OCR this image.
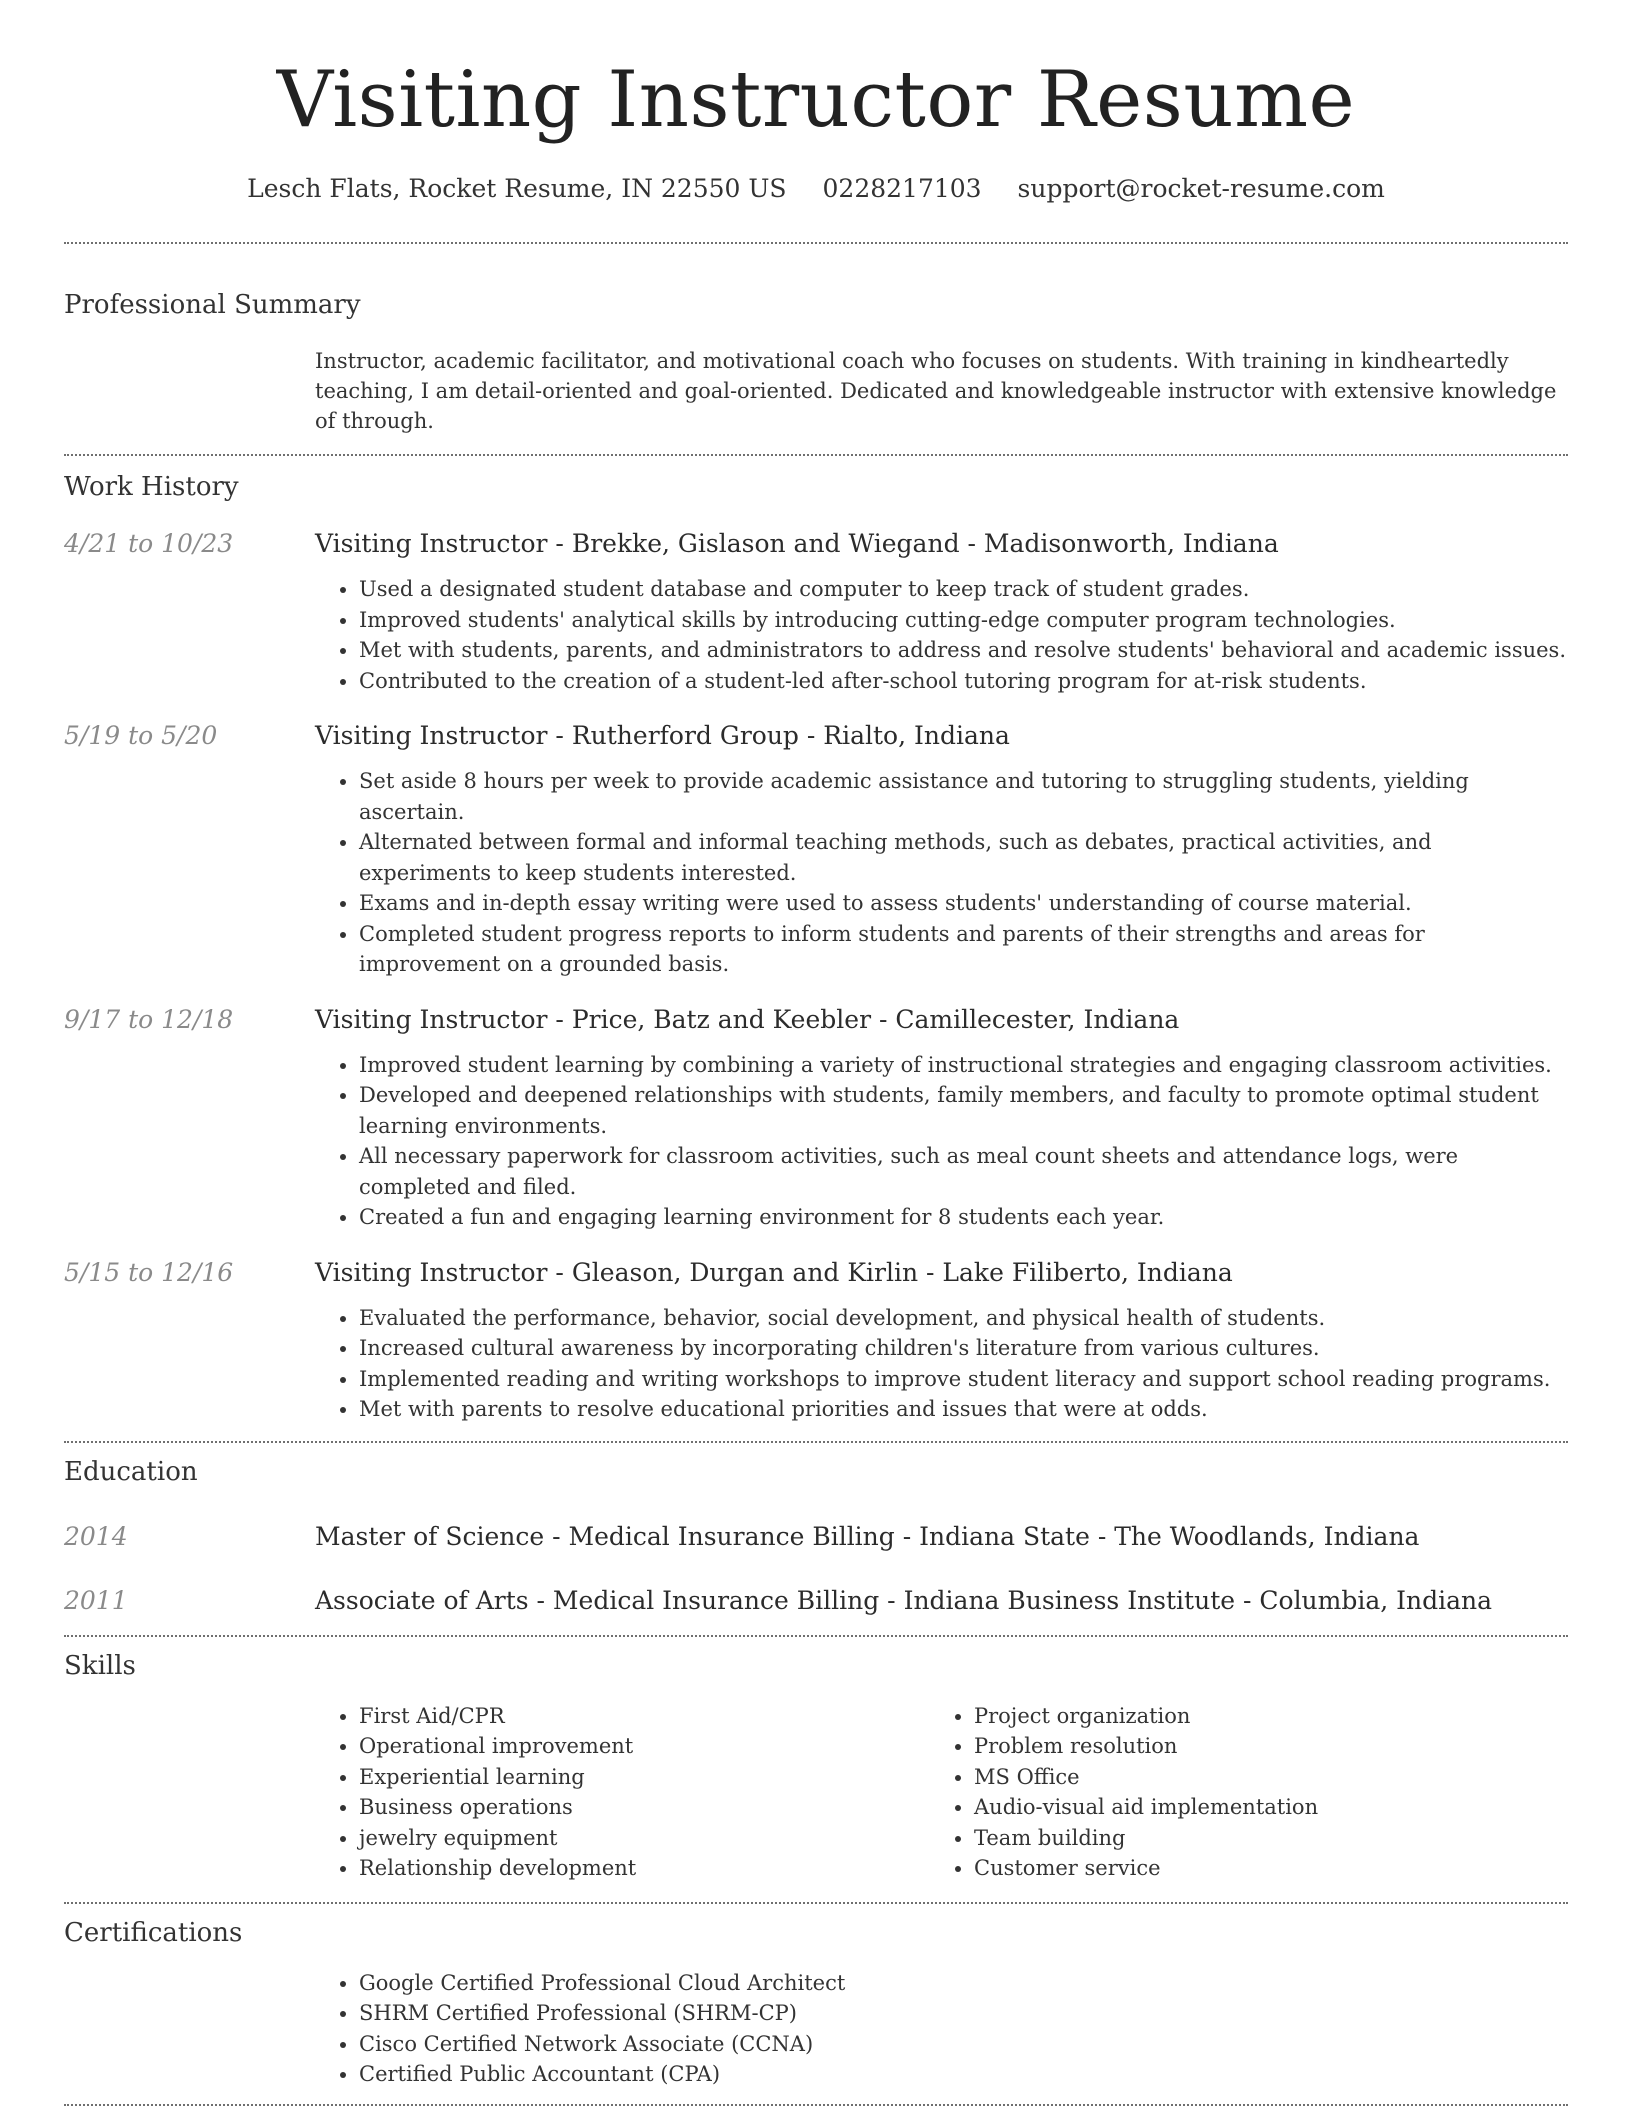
Visiting Instructor Resume
Lesch Flats, Rocket Resume, IN 22550 US 0228217103 support@rocket-resume.com
Professional Summary

Instructor, academic facilitator, and motivational coach who focuses on students. With training in kindheartedly teaching, I am detail-oriented and goal-oriented. Dedicated and knowledgeable instructor with extensive knowledge of through.

Work History
4/21 to 10/23	Visiting Instructor - Brekke, Gislason and Wiegand - Madisonworth, Indiana
• Used a designated student database and computer to keep track of student grades.
• Improved students' analytical skills by introducing cutting-edge computer program technologies.
• Met with students, parents, and administrators to address and resolve students' behavioral and academic issues.
• Contributed to the creation of a student-led after-school tutoring program for at-risk students.
5/19 to 5/20	Visiting Instructor - Rutherford Group - Rialto, Indiana
• Set aside 8 hours per week to provide academic assistance and tutoring to struggling students, yielding ascertain.
• Alternated between formal and informal teaching methods, such as debates, practical activities, and experiments to keep students interested.
• Exams and in-depth essay writing were used to assess students' understanding of course material.
• Completed student progress reports to inform students and parents of their strengths and areas for improvement on a grounded basis.
9/17 to 12/18	Visiting Instructor - Price, Batz and Keebler - Camillecester, Indiana
• Improved student learning by combining a variety of instructional strategies and engaging classroom activities.
• Developed and deepened relationships with students, family members, and faculty to promote optimal student learning environments.
• All necessary paperwork for classroom activities, such as meal count sheets and attendance logs, were completed and filed.
• Created a fun and engaging learning environment for 8 students each year.
5/15 to 12/16	Visiting Instructor - Gleason, Durgan and Kirlin - Lake Filiberto, Indiana
• Evaluated the performance, behavior, social development, and physical health of students.
• Increased cultural awareness by incorporating children's literature from various cultures.
• Implemented reading and writing workshops to improve student literacy and support school reading programs.
• Met with parents to resolve educational priorities and issues that were at odds.
Education
2014	Master of Science - Medical Insurance Billing - Indiana State - The Woodlands, Indiana
2011	Associate of Arts - Medical Insurance Billing - Indiana Business Institute - Columbia, Indiana
Skills
• First Aid/CPR
• Operational improvement
• Experiential learning
• Business operations
• jewelry equipment
• Relationship development
• Project organization
• Problem resolution
• MS Office
• Audio-visual aid implementation
• Team building
• Customer service
Certifications
• Google Certified Professional Cloud Architect
• SHRM Certified Professional (SHRM-CP)
• Cisco Certified Network Associate (CCNA)
• Certified Public Accountant (CPA)
